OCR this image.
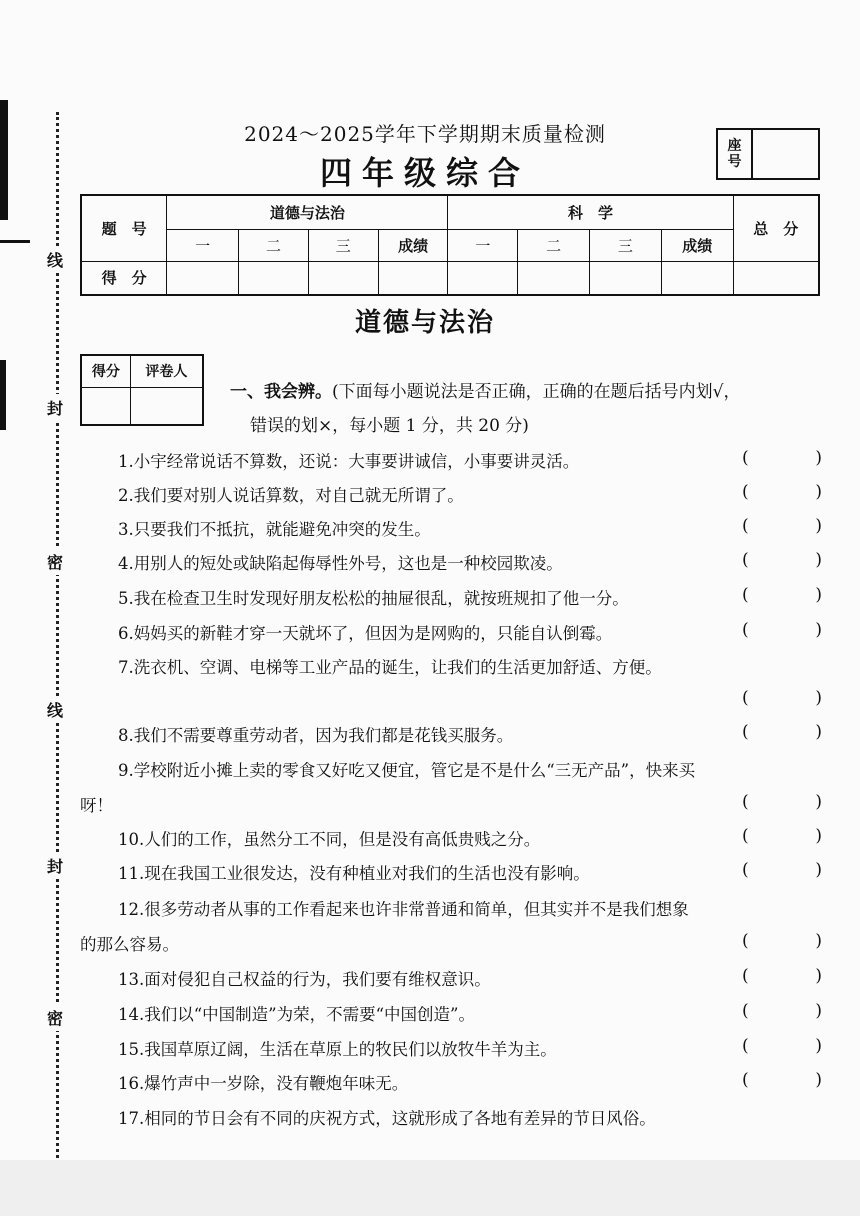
线
封
密
线
封
密
2024～2025学年下学期期末质量检测
四年级综合
座
号
题　号	道德与法治				科　学				总　分
	一	二	三	成绩	一	二	三	成绩	
得　分									
道德与法治
得分	评卷人

一、我会辨。(下面每小题说法是否正确，正确的在题后括号内划√，
错误的划×，每小题 1 分，共 20 分)
1.小宇经常说话不算数，还说：大事要讲诚信，小事要讲灵活。	(	)
2.我们要对别人说话算数，对自己就无所谓了。	(	)
3.只要我们不抵抗，就能避免冲突的发生。	(	)
4.用别人的短处或缺陷起侮辱性外号，这也是一种校园欺凌。	(	)
5.我在检查卫生时发现好朋友松松的抽屉很乱，就按班规扣了他一分。	(	)
6.妈妈买的新鞋才穿一天就坏了，但因为是网购的，只能自认倒霉。	(	)
7.洗衣机、空调、电梯等工业产品的诞生，让我们的生活更加舒适、方便。
(	)
8.我们不需要尊重劳动者，因为我们都是花钱买服务。	(	)
9.学校附近小摊上卖的零食又好吃又便宜，管它是不是什么“三无产品”，快来买
呀！	(	)
10.人们的工作，虽然分工不同，但是没有高低贵贱之分。	(	)
11.现在我国工业很发达，没有种植业对我们的生活也没有影响。	(	)
12.很多劳动者从事的工作看起来也许非常普通和简单，但其实并不是我们想象
的那么容易。	(	)
13.面对侵犯自己权益的行为，我们要有维权意识。	(	)
14.我们以“中国制造”为荣，不需要“中国创造”。	(	)
15.我国草原辽阔，生活在草原上的牧民们以放牧牛羊为主。	(	)
16.爆竹声中一岁除，没有鞭炮年味无。	(	)
17.相同的节日会有不同的庆祝方式，这就形成了各地有差异的节日风俗。
